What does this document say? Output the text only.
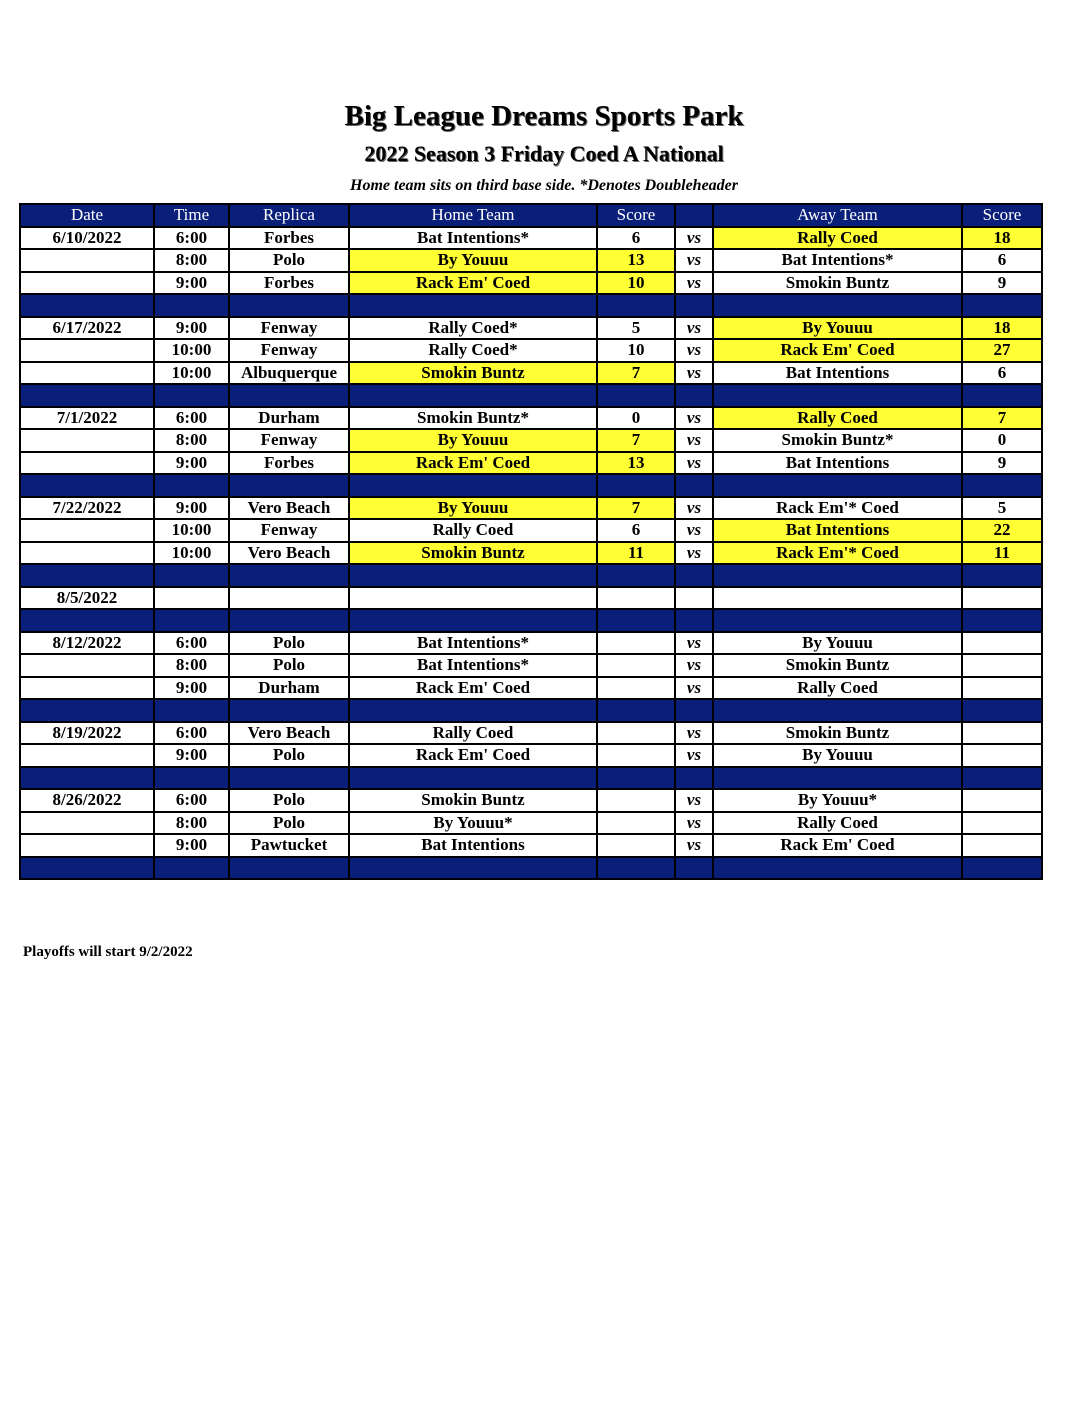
Big League Dreams Sports Park
2022 Season 3 Friday Coed A National
Home team sits on third base side. *Denotes Doubleheader
Date	Time	Replica	Home Team	Score		Away Team	Score
6/10/2022	6:00	Forbes	Bat Intentions*	6	vs	Rally Coed	18
	8:00	Polo	By Youuu	13	vs	Bat Intentions*	6
	9:00	Forbes	Rack Em' Coed	10	vs	Smokin Buntz	9

6/17/2022	9:00	Fenway	Rally Coed*	5	vs	By Youuu	18
	10:00	Fenway	Rally Coed*	10	vs	Rack Em' Coed	27
	10:00	Albuquerque	Smokin Buntz	7	vs	Bat Intentions	6

7/1/2022	6:00	Durham	Smokin Buntz*	0	vs	Rally Coed	7
	8:00	Fenway	By Youuu	7	vs	Smokin Buntz*	0
	9:00	Forbes	Rack Em' Coed	13	vs	Bat Intentions	9

7/22/2022	9:00	Vero Beach	By Youuu	7	vs	Rack Em'* Coed	5
	10:00	Fenway	Rally Coed	6	vs	Bat Intentions	22
	10:00	Vero Beach	Smokin Buntz	11	vs	Rack Em'* Coed	11

8/5/2022							

8/12/2022	6:00	Polo	Bat Intentions*		vs	By Youuu	
	8:00	Polo	Bat Intentions*		vs	Smokin Buntz	
	9:00	Durham	Rack Em' Coed		vs	Rally Coed	

8/19/2022	6:00	Vero Beach	Rally Coed		vs	Smokin Buntz	
	9:00	Polo	Rack Em' Coed		vs	By Youuu	

8/26/2022	6:00	Polo	Smokin Buntz		vs	By Youuu*	
	8:00	Polo	By Youuu*		vs	Rally Coed	
	9:00	Pawtucket	Bat Intentions		vs	Rack Em' Coed	

Playoffs will start 9/2/2022
